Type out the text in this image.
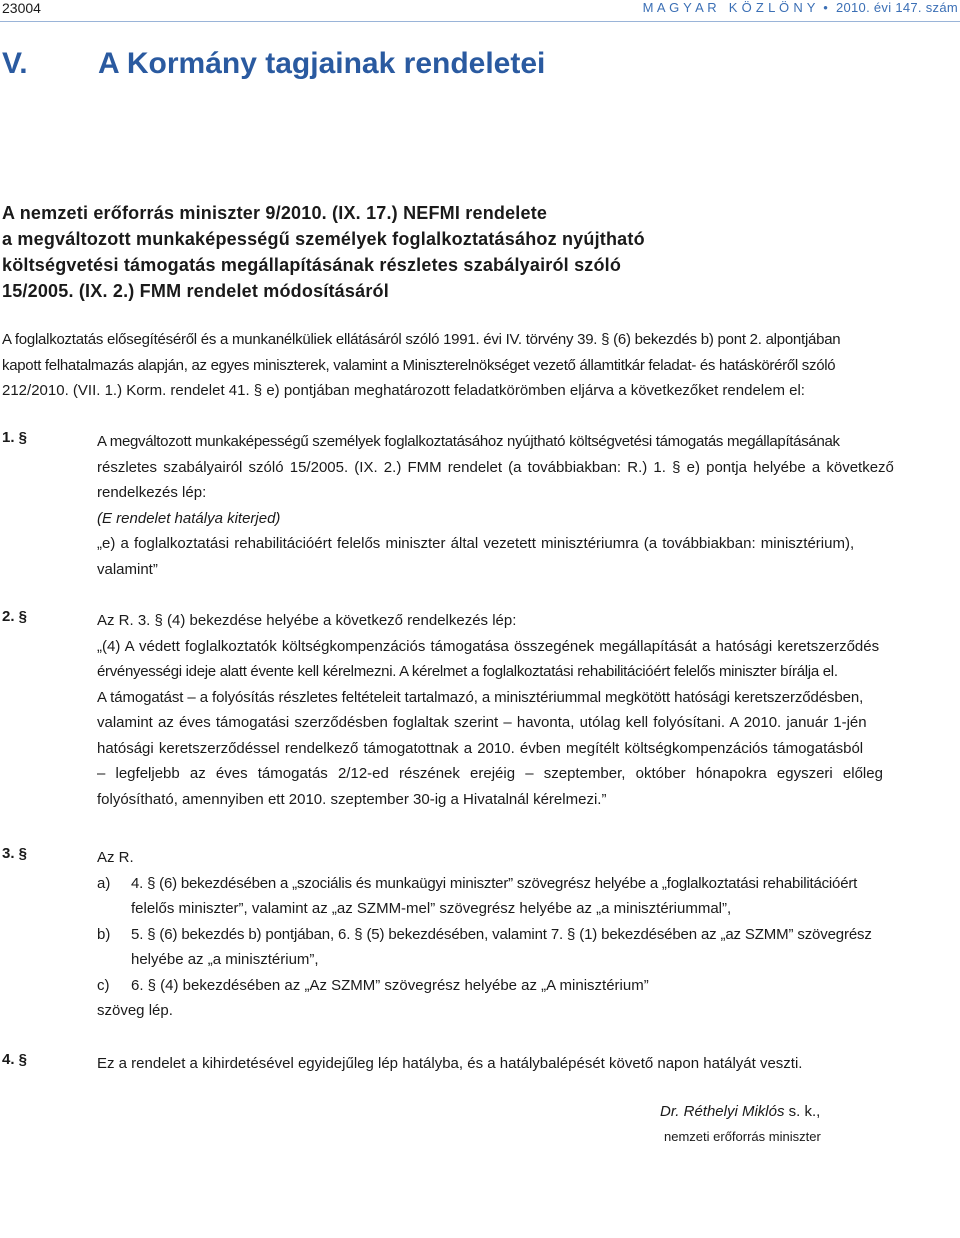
23004	M A G Y A R   K Ö Z L Ö N Y  •  2010. évi 147. szám
V. A Kormány tagjainak rendeletei
A nemzeti erőforrás miniszter 9/2010. (IX. 17.) NEFMI rendelete
a megváltozott munkaképességű személyek foglalkoztatásához nyújtható
költségvetési támogatás megállapításának részletes szabályairól szóló
15/2005. (IX. 2.) FMM rendelet módosításáról
A foglalkoztatás elősegítéséről és a munkanélküliek ellátásáról szóló 1991. évi IV. törvény 39. § (6) bekezdés b) pont 2. alpontjában
kapott felhatalmazás alapján, az egyes miniszterek, valamint a Miniszterelnökséget vezető államtitkár feladat- és hatásköréről szóló
212/2010. (VII. 1.) Korm. rendelet 41. § e) pontjában meghatározott feladatkörömben eljárva a következőket rendelem el:
1. §	A megváltozott munkaképességű személyek foglalkoztatásához nyújtható költségvetési támogatás megállapításának
részletes szabályairól szóló 15/2005. (IX. 2.) FMM rendelet (a továbbiakban: R.) 1. § e) pontja helyébe a következő
rendelkezés lép:
(E rendelet hatálya kiterjed)
„e) a foglalkoztatási rehabilitációért felelős miniszter által vezetett minisztériumra (a továbbiakban: minisztérium),
valamint”
2. §	Az R. 3. § (4) bekezdése helyébe a következő rendelkezés lép:
„(4) A védett foglalkoztatók költségkompenzációs támogatása összegének megállapítását a hatósági keretszerződés
érvényességi ideje alatt évente kell kérelmezni. A kérelmet a foglalkoztatási rehabilitációért felelős miniszter bírálja el.
A támogatást – a folyósítás részletes feltételeit tartalmazó, a minisztériummal megkötött hatósági keretszerződésben,
valamint az éves támogatási szerződésben foglaltak szerint – havonta, utólag kell folyósítani. A 2010. január 1-jén
hatósági keretszerződéssel rendelkező támogatottnak a 2010. évben megítélt költségkompenzációs támogatásból
– legfeljebb az éves támogatás 2/12-ed részének erejéig – szeptember, október hónapokra egyszeri előleg
folyósítható, amennyiben ett 2010. szeptember 30-ig a Hivatalnál kérelmezi.”
3. §	Az R.
a) 4. § (6) bekezdésében a „szociális és munkaügyi miniszter” szövegrész helyébe a „foglalkoztatási rehabilitációért
felelős miniszter”, valamint az „az SZMM-mel” szövegrész helyébe az „a minisztériummal”,
b) 5. § (6) bekezdés b) pontjában, 6. § (5) bekezdésében, valamint 7. § (1) bekezdésében az „az SZMM” szövegrész
helyébe az „a minisztérium”,
c) 6. § (4) bekezdésében az „Az SZMM” szövegrész helyébe az „A minisztérium”
szöveg lép.
4. §	Ez a rendelet a kihirdetésével egyidejűleg lép hatályba, és a hatálybalépését követő napon hatályát veszti.
Dr. Réthelyi Miklós s. k.,
nemzeti erőforrás miniszter
